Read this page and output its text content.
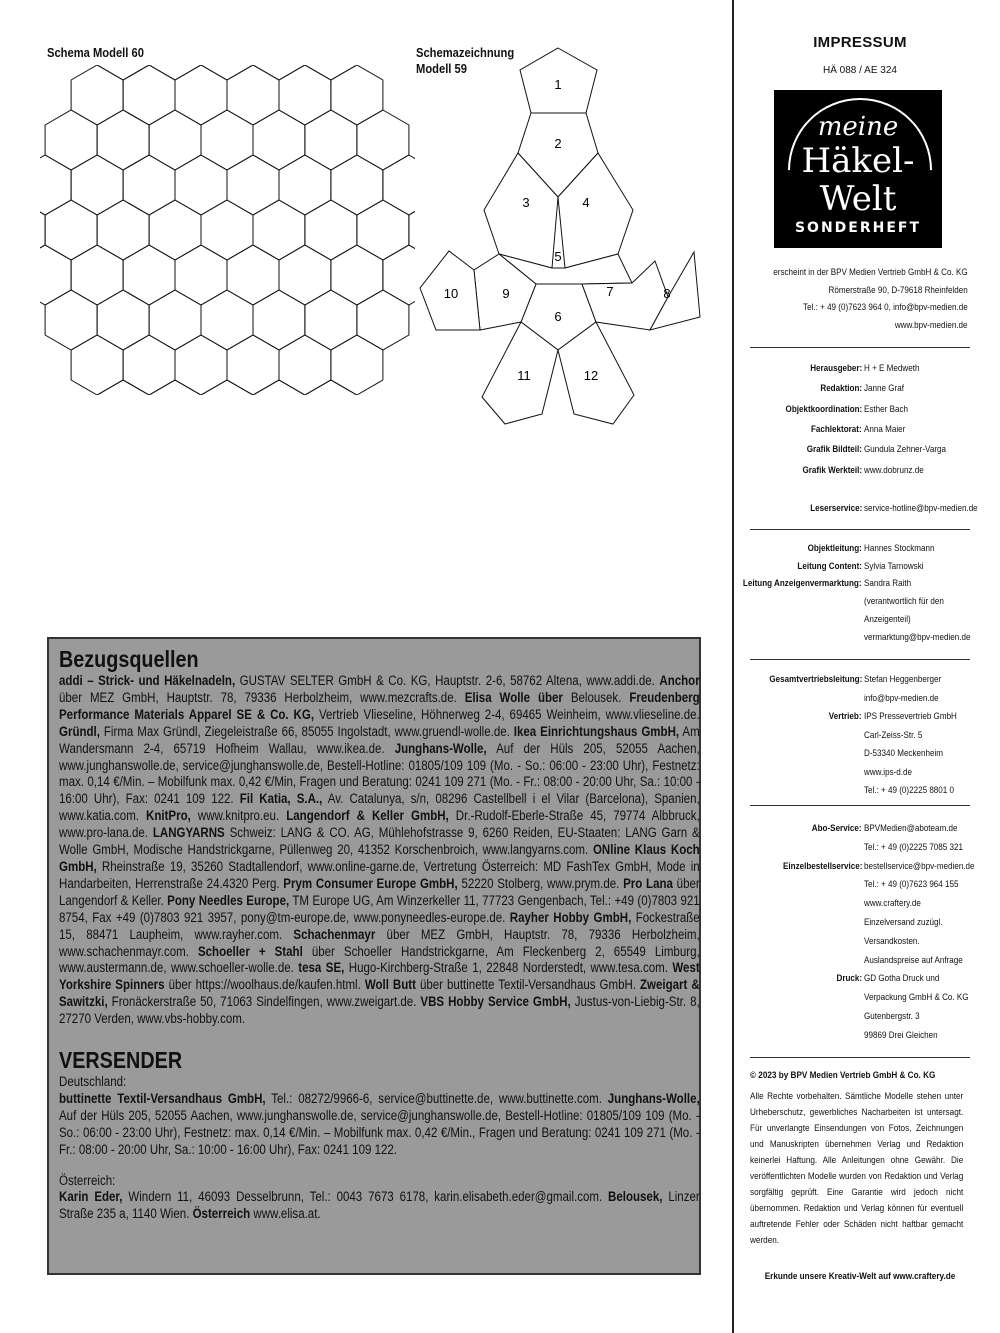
Schema Modell 60	Schemazeichnung
Modell 59
1
2
3	4
5
6
7	8
9
10
11	12
Bezugsquellen
addi – Strick- und Häkelnadeln, GUSTAV SELTER GmbH & Co. KG, Hauptstr. 2-6, 58762 Altena, www.addi.de. Anchor über MEZ GmbH, Hauptstr. 78, 79336 Herbolzheim, www.mezcrafts.de. Elisa Wolle über Belousek. Freudenberg Performance Materials Apparel SE & Co. KG, Vertrieb Vlieseline, Höhnerweg 2-4, 69465 Weinheim, www.vlieseline.de. Gründl, Firma Max Gründl, Ziegeleistraße 66, 85055 Ingolstadt, www.gruendl-wolle.de. Ikea Einrichtungshaus GmbH, Am Wandersmann 2-4, 65719 Hofheim Wallau, www.ikea.de. Junghans-Wolle, Auf der Hüls 205, 52055 Aachen, www.junghanswolle.de, service@junghanswolle.de, Bestell-Hotline: 01805/109 109 (Mo. - So.: 06:00 - 23:00 Uhr), Festnetz: max. 0,14 €/Min. – Mobilfunk max. 0,42 €/Min, Fragen und Beratung: 0241 109 271 (Mo. - Fr.: 08:00 - 20:00 Uhr, Sa.: 10:00 - 16:00 Uhr), Fax: 0241 109 122. Fil Katia, S.A., Av. Catalunya, s/n, 08296 Castellbell i el Vilar (Barcelona), Spanien, www.katia.com. KnitPro, www.knitpro.eu. Langendorf & Keller GmbH, Dr.-Rudolf-Eberle-Straße 45, 79774 Albbruck, www.pro-lana.de. LANGYARNS Schweiz: LANG & CO. AG, Mühlehofstrasse 9, 6260 Reiden, EU-Staaten: LANG Garn & Wolle GmbH, Modische Handstrickgarne, Püllenweg 20, 41352 Korschenbroich, www.langyarns.com. ONline Klaus Koch GmbH, Rheinstraße 19, 35260 Stadtallendorf, www.online-garne.de, Vertretung Österreich: MD FashTex GmbH, Mode in Handarbeiten, Herrenstraße 24.4320 Perg. Prym Consumer Europe GmbH, 52220 Stolberg, www.prym.de. Pro Lana über Langendorf & Keller. Pony Needles Europe, TM Europe UG, Am Winzerkeller 11, 77723 Gengenbach, Tel.: +49 (0)7803 921 8754, Fax +49 (0)7803 921 3957, pony@tm-europe.de, www.ponyneedles-europe.de. Rayher Hobby GmbH, Fockestraße 15, 88471 Laupheim, www.rayher.com. Schachenmayr über MEZ GmbH, Hauptstr. 78, 79336 Herbolzheim, www.schachenmayr.com. Schoeller + Stahl über Schoeller Handstrickgarne, Am Fleckenberg 2, 65549 Limburg, www.austermann.de, www.schoeller-wolle.de. tesa SE, Hugo-Kirchberg-Straße 1, 22848 Norderstedt, www.tesa.com. West Yorkshire Spinners über https://woolhaus.de/kaufen.html. Woll Butt über buttinette Textil-Versandhaus GmbH. Zweigart & Sawitzki, Fronäckerstraße 50, 71063 Sindelfingen, www.zweigart.de. VBS Hobby Service GmbH, Justus-von-Liebig-Str. 8, 27270 Verden, www.vbs-hobby.com.
VERSENDER
Deutschland:
buttinette Textil-Versandhaus GmbH, Tel.: 08272/9966-6, service@buttinette.de, www.buttinette.com. Junghans-Wolle, Auf der Hüls 205, 52055 Aachen, www.junghanswolle.de, service@junghanswolle.de, Bestell-Hotline: 01805/109 109 (Mo. - So.: 06:00 - 23:00 Uhr), Festnetz: max. 0,14 €/Min. – Mobilfunk max. 0,42 €/Min., Fragen und Beratung: 0241 109 271 (Mo. - Fr.: 08:00 - 20:00 Uhr, Sa.: 10:00 - 16:00 Uhr), Fax: 0241 109 122.
Österreich:
Karin Eder, Windern 11, 46093 Desselbrunn, Tel.: 0043 7673 6178, karin.elisabeth.eder@gmail.com. Belousek, Linzer Straße 235 a, 1140 Wien. Österreich www.elisa.at.
IMPRESSUM
HÄ 088 / AE 324
meine
Häkel-
Welt
SONDERHEFT
erscheint in der BPV Medien Vertrieb GmbH & Co. KG
Römerstraße 90, D-79618 Rheinfelden
Tel.: + 49 (0)7623 964 0, info@bpv-medien.de
www.bpv-medien.de
Herausgeber: H + E Medweth
Redaktion: Janne Graf
Objektkoordination: Esther Bach
Fachlektorat: Anna Maier
Grafik Bildteil: Gundula Zehner-Varga
Grafik Werkteil: www.dobrunz.de
Leserservice: service-hotline@bpv-medien.de
Objektleitung: Hannes Stockmann
Leitung Content: Sylvia Tarnowski
Leitung Anzeigenvermarktung: Sandra Raith
(verantwortlich für den
Anzeigenteil)
vermarktung@bpv-medien.de
Gesamtvertriebsleitung: Stefan Heggenberger
info@bpv-medien.de
Vertrieb: IPS Pressevertrieb GmbH
Carl-Zeiss-Str. 5
D-53340 Meckenheim
www.ips-d.de
Tel.: + 49 (0)2225 8801 0
Abo-Service: BPVMedien@aboteam.de
Tel.: + 49 (0)2225 7085 321
Einzelbestellservice: bestellservice@bpv-medien.de
Tel.: + 49 (0)7623 964 155
www.craftery.de
Einzelversand zuzügl.
Versandkosten.
Auslandspreise auf Anfrage
Druck: GD Gotha Druck und
Verpackung GmbH & Co. KG
Gutenbergstr. 3
99869 Drei Gleichen
© 2023 by BPV Medien Vertrieb GmbH & Co. KG
Alle Rechte vorbehalten. Sämtliche Modelle stehen unter Urheberschutz, gewerbliches Nacharbeiten ist untersagt. Für unverlangte Einsendungen von Fotos, Zeichnungen und Manuskripten übernehmen Verlag und Redaktion keinerlei Haftung. Alle Anleitungen ohne Gewähr. Die veröffentlichten Modelle wurden von Redaktion und Verlag sorgfältig geprüft. Eine Garantie wird jedoch nicht übernommen. Redaktion und Verlag können für eventuell auftretende Fehler oder Schäden nicht haftbar gemacht werden.
Erkunde unsere Kreativ-Welt auf www.craftery.de
